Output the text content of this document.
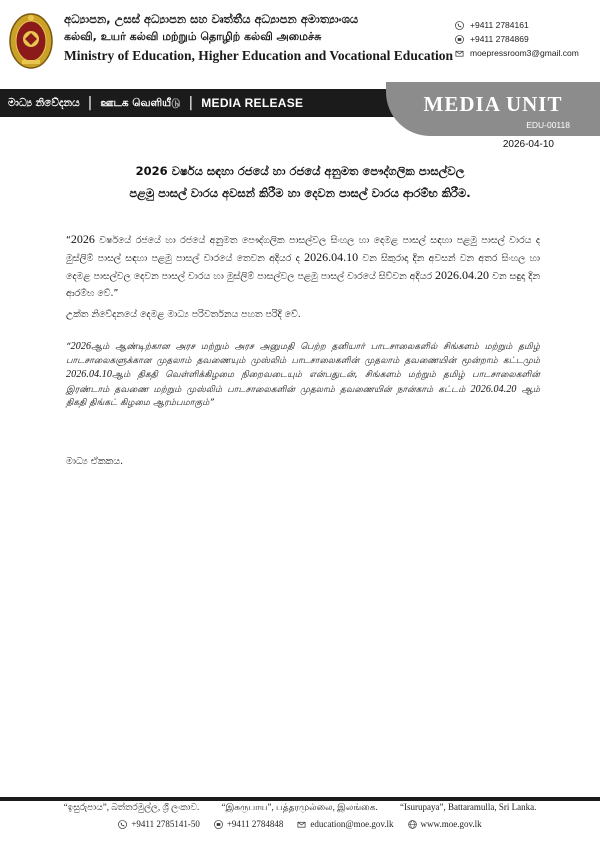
අධ්‍යාපන, උසස් අධ්‍යාපන සහ වෘත්තීය අධ්‍යාපන අමාත්‍යාංශය
கல்வி, உயர் கல்வி மற்றும் தொழிற் கல்வி அமைச்சு
Ministry of Education, Higher Education and Vocational Education
+9411 2784161
+9411 2784869
moepressroom3@gmail.com
මාධ්‍ය නිවේදනය | ஊடக வெளியீடு | MEDIA RELEASE	MEDIA UNIT
EDU-00118
2026-04-10
2026 වර්ෂය සඳහා රජයේ හා රජයේ අනුමත පෞද්ගලික පාසල්වල
පළමු පාසල් වාරය අවසන් කිරීම හා දෙවන පාසල් වාරය ආරම්භ කිරීම.
“2026 වර්ෂයේ රජයේ හා රජයේ අනුමත පෞද්ගලික පාසල්වල සිංහල හා දෙමළ පාසල් සඳහා පළමු පාසල් වාරය ද මුස්ලිම් පාසල් සඳහා පළමු පාසල් වාරයේ තෙවන අදියර ද 2026.04.10 වන සිකුරාදා දින අවසන් වන අතර සිංහල හා දෙමළ පාසල්වල දෙවන පාසල් වාරය හා මුස්ලිම් පාසල්වල පළමු පාසල් වාරයේ සිව්වන අදියර 2026.04.20 වන සඳුදා දින ආරම්භ වේ.”
උක්ත නිවේදනයේ දෙමළ මාධ්‍ය පරිවර්තනය පහත පරිදි වේ.
“2026ஆம் ஆண்டிற்கான அரச மற்றும் அரச அனுமதி பெற்ற தனியார் பாடசாலைகளில் சிங்களம் மற்றும் தமிழ் பாடசாலைகளுக்கான முதலாம் தவணையும் முஸ்லிம் பாடசாலைகளின் முதலாம் தவணையின் மூன்றாம் கட்டமும் 2026.04.10ஆம் திகதி வெள்ளிக்கிழமை நிறைவடையும் என்பதுடன், சிங்களம் மற்றும் தமிழ் பாடசாலைகளின் இரண்டாம் தவணை மற்றும் முஸ்லிம் பாடசாலைகளின் முதலாம் தவணையின் நான்காம் கட்டம் 2026.04.20 ஆம் திகதி திங்கட் கிழமை ஆரம்பமாகும்”
මාධ්‍ය ඒකකය.
“ඉසුරුපාය”, බත්තරමුල්ල, ශ්‍රී ලංකාව. “இசுருபாய”, பத்தரமுல்லை, இலங்கை. “Isurupaya”, Battaramulla, Sri Lanka.
+9411 2785141-50	+9411 2784848	education@moe.gov.lk	www.moe.gov.lk
